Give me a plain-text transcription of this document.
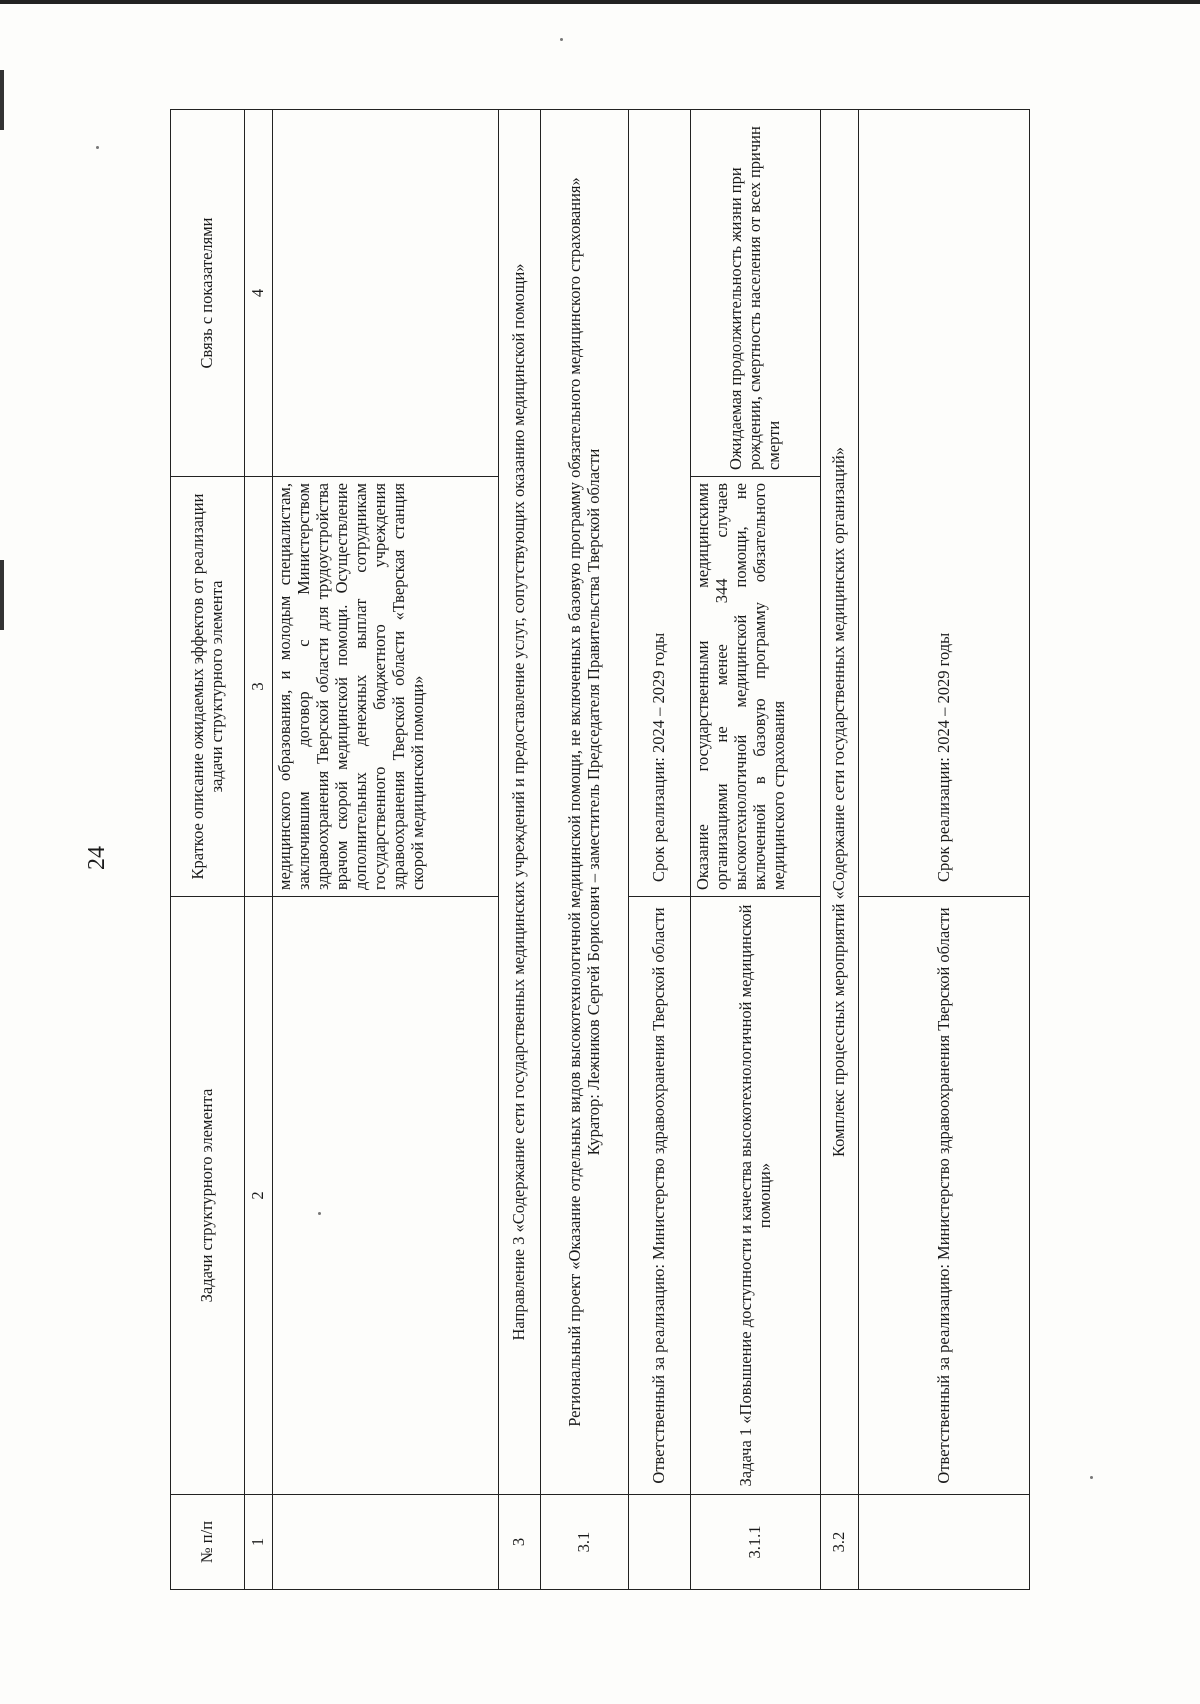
24
№ п/п	Задачи структурного элемента	Краткое описание ожидаемых эффектов от реализации задачи структурного элемента	Связь с показателями
1	2	3	4
		медицинского образования, и молодым специалистам, заключившим договор с Министерством здравоохранения Тверской области для трудоустройства врачом скорой медицинской помощи. Осуществление дополнительных денежных выплат сотрудникам государственного бюджетного учреждения здравоохранения Тверской области «Тверская станция скорой медицинской помощи»	
3	Направление 3 «Содержание сети государственных медицинских учреждений и предоставление услуг, сопутствующих оказанию медицинской помощи»		
3.1	Региональный проект «Оказание отдельных видов высокотехнологичной медицинской помощи, не включенных в базовую программу обязательного медицинского страхования» Куратор: Лежников Сергей Борисович – заместитель Председателя Правительства Тверской области		

	Ответственный за реализацию: Министерство здравоохранения Тверской области	Срок реализации: 2024 – 2029 годы	
3.1.1	Задача 1 «Повышение доступности и качества высокотехнологичной медицинской помощи»	Оказание государственными медицинскими организациями не менее 344 случаев высокотехнологичной медицинской помощи, не включенной в базовую программу обязательного медицинского страхования	Ожидаемая продолжительность жизни при рождении, смертность населения от всех причин смерти
3.2	Комплекс процессных мероприятий «Содержание сети государственных медицинских организаций»		
	Ответственный за реализацию: Министерство здравоохранения Тверской области	Срок реализации: 2024 – 2029 годы	
